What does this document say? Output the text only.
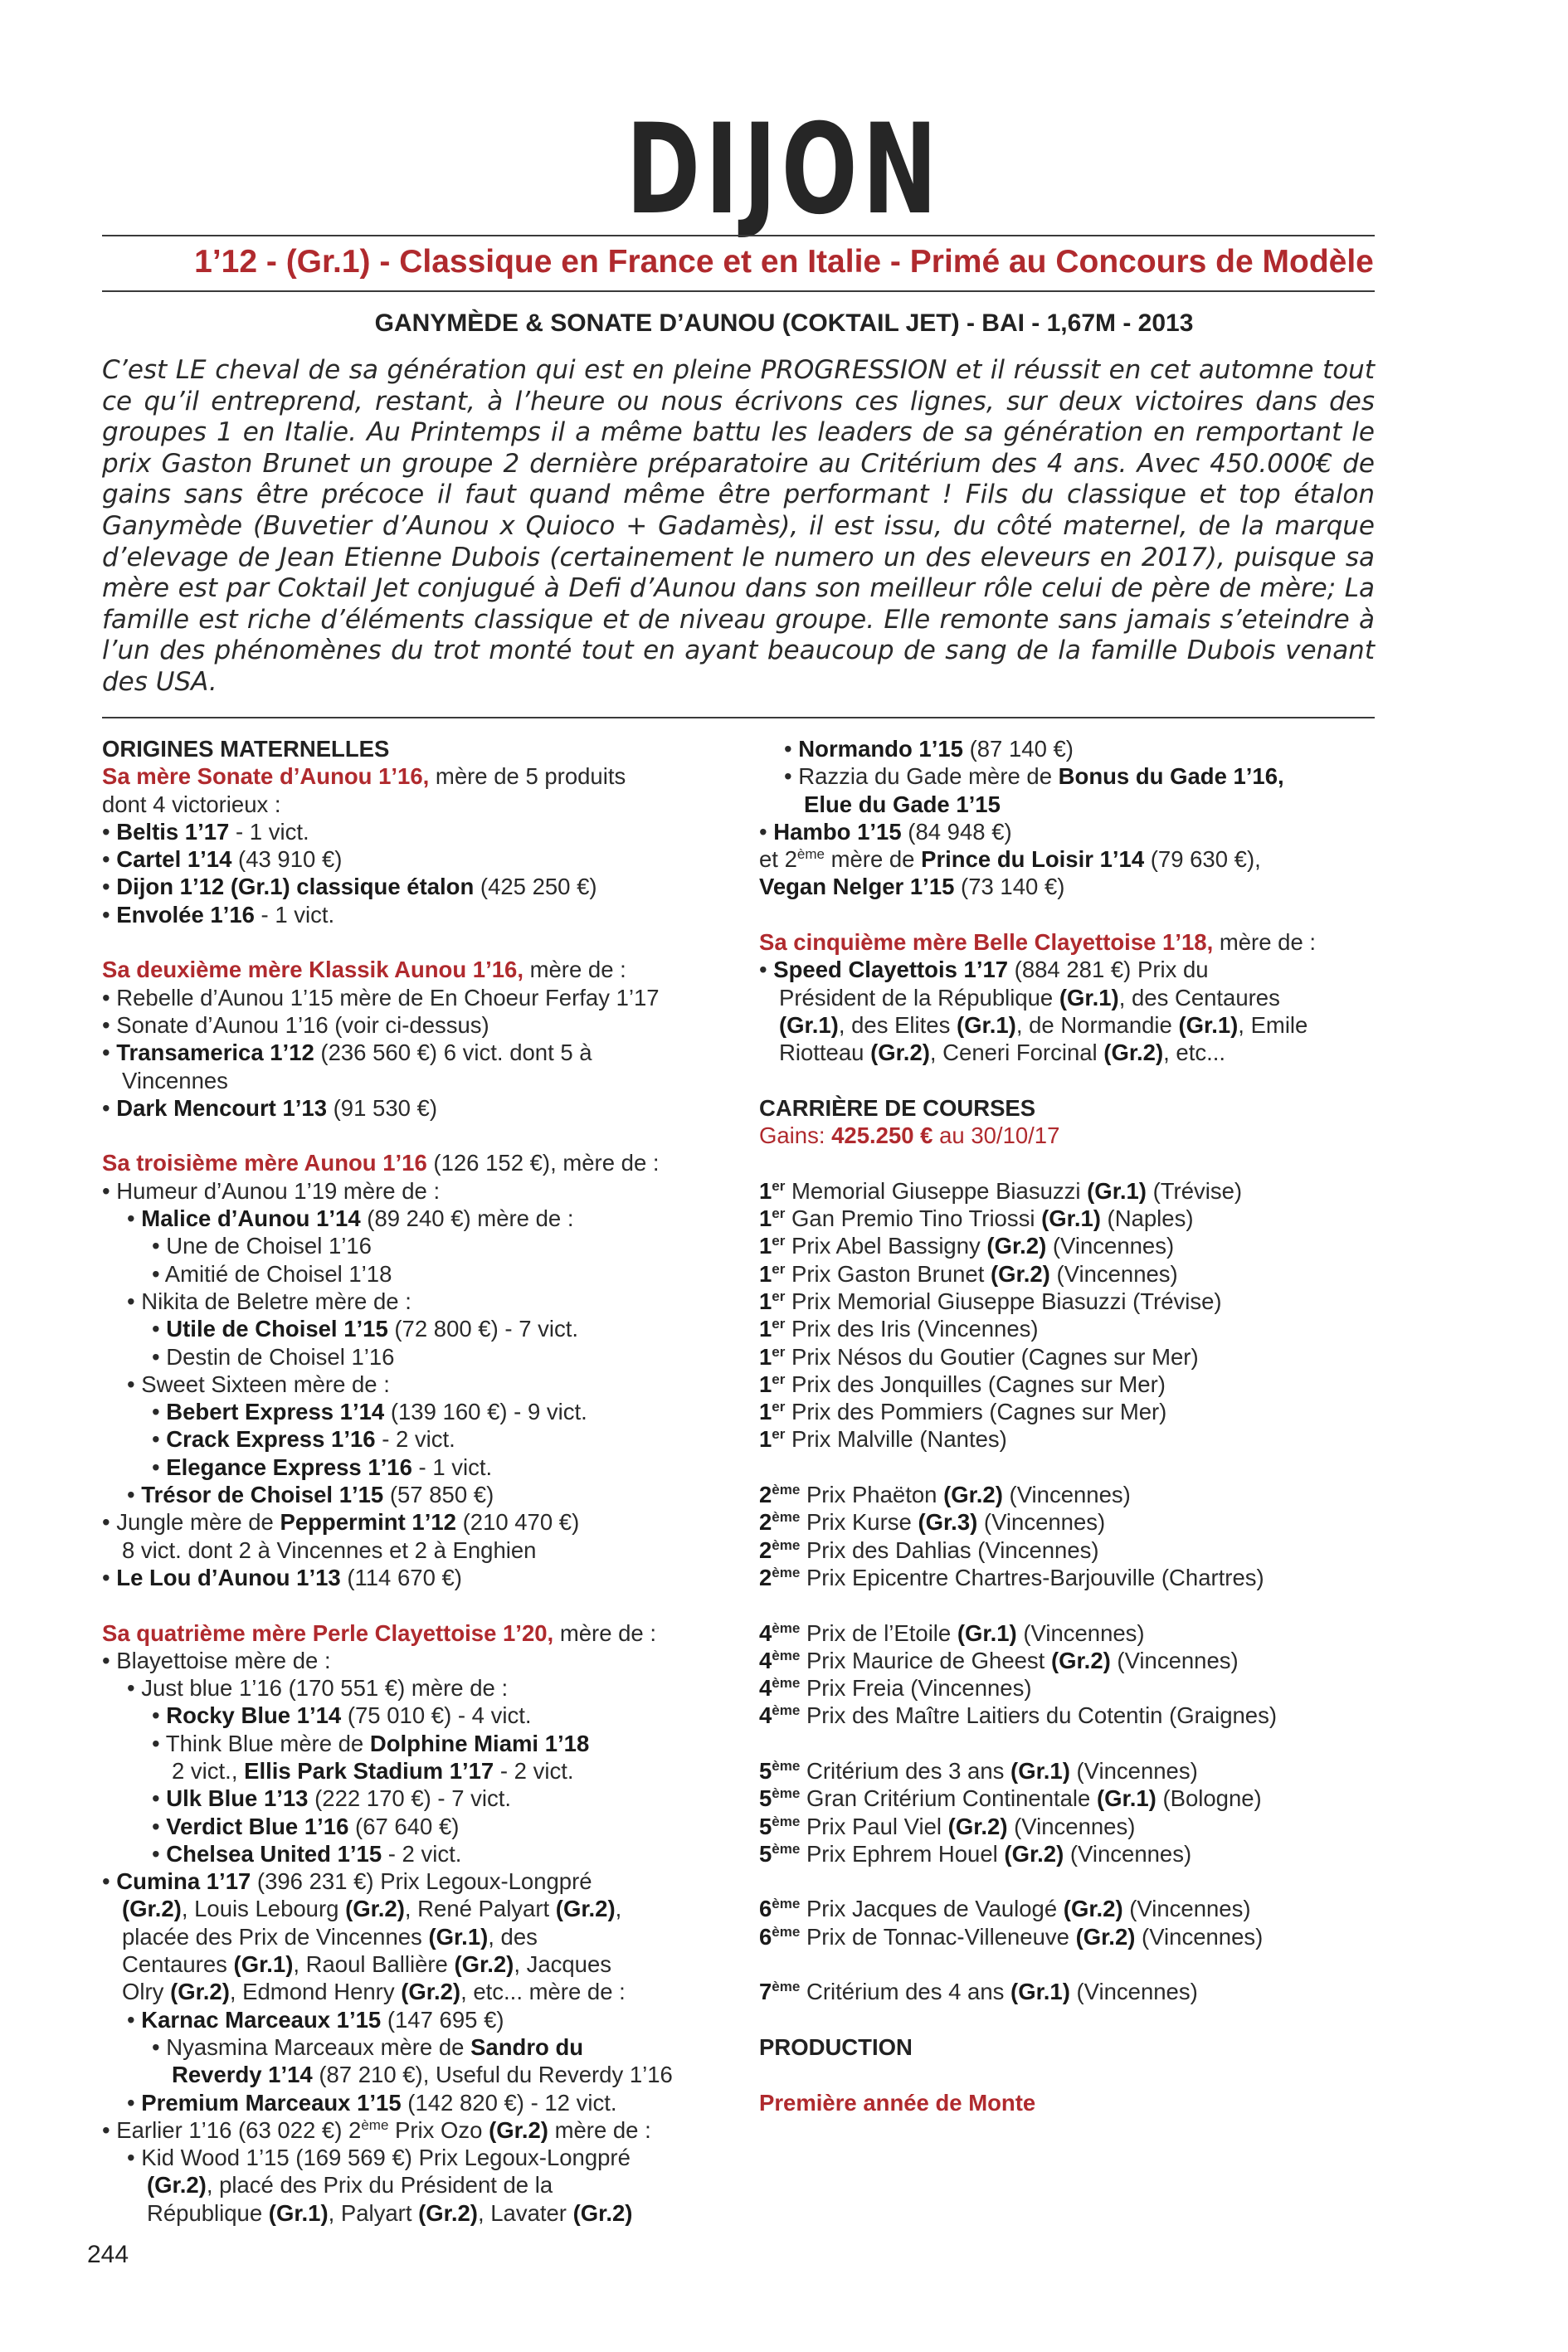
DIJON
1’12 - (Gr.1) - Classique en France et en Italie - Primé au Concours de Modèle
GANYMÈDE & SONATE D’AUNOU (COKTAIL JET) - BAI - 1,67M - 2013

C’est LE cheval de sa génération qui est en pleine PROGRESSION et il réussit en cet automne tout ce qu’il entreprend, restant, à l’heure ou nous écrivons ces lignes, sur deux victoires dans des groupes 1 en Italie. Au Printemps il a même battu les leaders de sa génération en remportant le prix Gaston Brunet un groupe 2 dernière préparatoire au Critérium des 4 ans. Avec 450.000€ de gains sans être précoce il faut quand même être performant ! Fils du classique et top étalon Ganymède (Buvetier d’Aunou x Quioco + Gadamès), il est issu, du côté maternel, de la marque d’elevage de Jean Etienne Dubois (certainement le numero un des eleveurs en 2017), puisque sa mère est par Coktail Jet conjugué à Defi d’Aunou dans son meilleur rôle celui de père de mère; La famille est riche d’éléments classique et de niveau groupe. Elle remonte sans jamais s’eteindre à l’un des phénomènes du trot monté tout en ayant beaucoup de sang de la famille Dubois venant des USA.

ORIGINES MATERNELLES
Sa mère Sonate d’Aunou 1’16, mère de 5 produits
dont 4 victorieux :
• Beltis 1’17 - 1 vict.
• Cartel 1’14 (43 910 €)
• Dijon 1’12 (Gr.1) classique étalon (425 250 €)
• Envolée 1’16 - 1 vict.
Sa deuxième mère Klassik Aunou 1’16, mère de :
• Rebelle d’Aunou 1’15 mère de En Choeur Ferfay 1’17
• Sonate d’Aunou 1’16 (voir ci-dessus)
• Transamerica 1’12 (236 560 €) 6 vict. dont 5 à
Vincennes
• Dark Mencourt 1’13 (91 530 €)
Sa troisième mère Aunou 1’16 (126 152 €), mère de :
• Humeur d’Aunou 1’19 mère de :
• Malice d’Aunou 1’14 (89 240 €) mère de :
• Une de Choisel 1’16
• Amitié de Choisel 1’18
• Nikita de Beletre mère de :
• Utile de Choisel 1’15 (72 800 €) - 7 vict.
• Destin de Choisel 1’16
• Sweet Sixteen mère de :
• Bebert Express 1’14 (139 160 €) - 9 vict.
• Crack Express 1’16 - 2 vict.
• Elegance Express 1’16 - 1 vict.
• Trésor de Choisel 1’15 (57 850 €)
• Jungle mère de Peppermint 1’12 (210 470 €)
8 vict. dont 2 à Vincennes et 2 à Enghien
• Le Lou d’Aunou 1’13 (114 670 €)
Sa quatrième mère Perle Clayettoise 1’20, mère de :
• Blayettoise mère de :
• Just blue 1’16 (170 551 €) mère de :
• Rocky Blue 1’14 (75 010 €) - 4 vict.
• Think Blue mère de Dolphine Miami 1’18
2 vict., Ellis Park Stadium 1’17 - 2 vict.
• Ulk Blue 1’13 (222 170 €) - 7 vict.
• Verdict Blue 1’16 (67 640 €)
• Chelsea United 1’15 - 2 vict.
• Cumina 1’17 (396 231 €) Prix Legoux-Longpré
(Gr.2), Louis Lebourg (Gr.2), René Palyart (Gr.2),
placée des Prix de Vincennes (Gr.1), des
Centaures (Gr.1), Raoul Ballière (Gr.2), Jacques
Olry (Gr.2), Edmond Henry (Gr.2), etc... mère de :
• Karnac Marceaux 1’15 (147 695 €)
• Nyasmina Marceaux mère de Sandro du
Reverdy 1’14 (87 210 €), Useful du Reverdy 1’16
• Premium Marceaux 1’15 (142 820 €) - 12 vict.
• Earlier 1’16 (63 022 €) 2ème Prix Ozo (Gr.2) mère de :
• Kid Wood 1’15 (169 569 €) Prix Legoux-Longpré
(Gr.2), placé des Prix du Président de la
République (Gr.1), Palyart (Gr.2), Lavater (Gr.2)
• Normando 1’15 (87 140 €)
• Razzia du Gade mère de Bonus du Gade 1’16,
Elue du Gade 1’15
• Hambo 1’15 (84 948 €)
et 2ème mère de Prince du Loisir 1’14 (79 630 €),
Vegan Nelger 1’15 (73 140 €)
Sa cinquième mère Belle Clayettoise 1’18, mère de :
• Speed Clayettois 1’17 (884 281 €) Prix du
Président de la République (Gr.1), des Centaures
(Gr.1), des Elites (Gr.1), de Normandie (Gr.1), Emile
Riotteau (Gr.2), Ceneri Forcinal (Gr.2), etc...
CARRIÈRE DE COURSES
Gains: 425.250 € au 30/10/17
1er Memorial Giuseppe Biasuzzi (Gr.1) (Trévise)
1er Gan Premio Tino Triossi (Gr.1) (Naples)
1er Prix Abel Bassigny (Gr.2) (Vincennes)
1er Prix Gaston Brunet (Gr.2) (Vincennes)
1er Prix Memorial Giuseppe Biasuzzi (Trévise)
1er Prix des Iris (Vincennes)
1er Prix Nésos du Goutier (Cagnes sur Mer)
1er Prix des Jonquilles (Cagnes sur Mer)
1er Prix des Pommiers (Cagnes sur Mer)
1er Prix Malville (Nantes)
2ème Prix Phaëton (Gr.2) (Vincennes)
2ème Prix Kurse (Gr.3) (Vincennes)
2ème Prix des Dahlias (Vincennes)
2ème Prix Epicentre Chartres-Barjouville (Chartres)
4ème Prix de l’Etoile (Gr.1) (Vincennes)
4ème Prix Maurice de Gheest (Gr.2) (Vincennes)
4ème Prix Freia (Vincennes)
4ème Prix des Maître Laitiers du Cotentin (Graignes)
5ème Critérium des 3 ans (Gr.1) (Vincennes)
5ème Gran Critérium Continentale (Gr.1) (Bologne)
5ème Prix Paul Viel (Gr.2) (Vincennes)
5ème Prix Ephrem Houel (Gr.2) (Vincennes)
6ème Prix Jacques de Vaulogé (Gr.2) (Vincennes)
6ème Prix de Tonnac-Villeneuve (Gr.2) (Vincennes)
7ème Critérium des 4 ans (Gr.1) (Vincennes)
PRODUCTION
Première année de Monte
244
